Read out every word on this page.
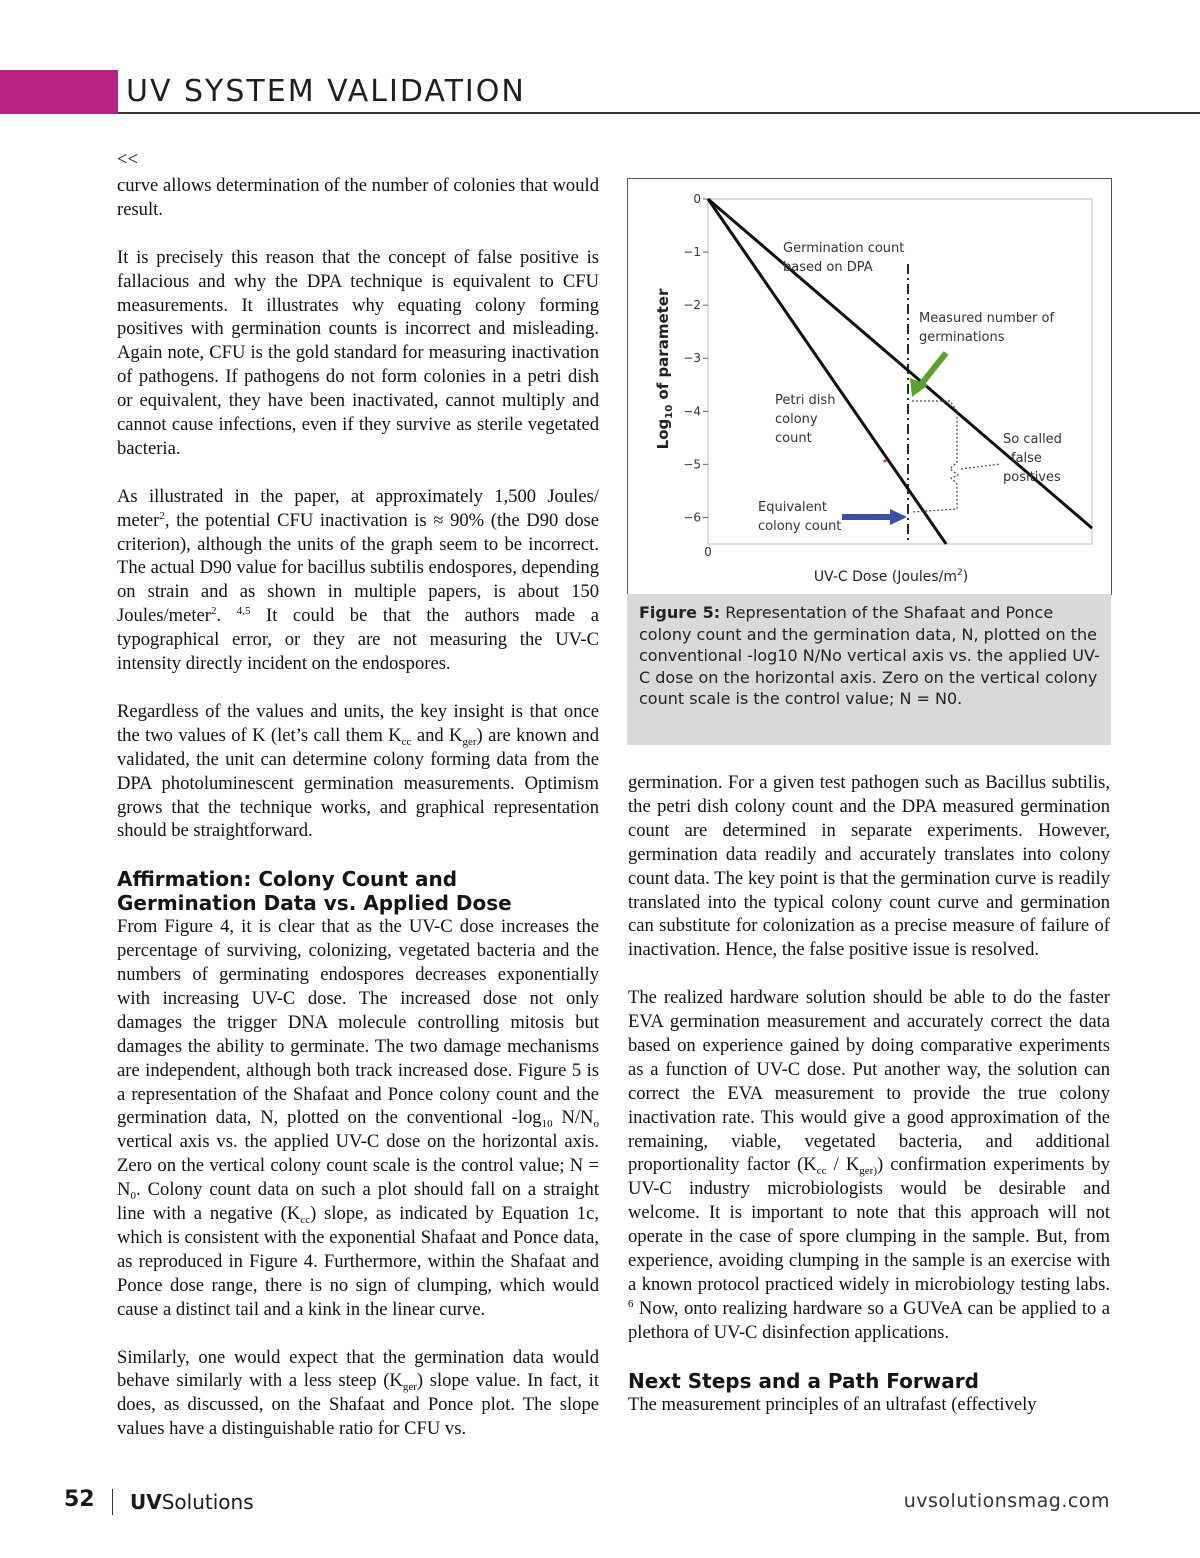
UV SYSTEM VALIDATION
<<

curve allows determination of the number of colonies that would result.

It is precisely this reason that the concept of false positive is fallacious and why the DPA technique is equivalent to CFU measurements. It illustrates why equating colony forming positives with germination counts is incorrect and misleading. Again note, CFU is the gold standard for measuring inactivation of pathogens. If pathogens do not form colonies in a petri dish or equivalent, they have been inactivated, cannot multiply and cannot cause infections, even if they survive as sterile vegetated bacteria.

As illustrated in the paper, at approximately 1,500 Joules/ meter$^2$, the potential CFU inactivation is ≈ 90% (the D90 dose criterion), although the units of the graph seem to be incorrect. The actual D90 value for bacillus subtilis endospores, depending on strain and as shown in multiple papers, is about 150 Joules/meter$^2$. $^{4,5}$ It could be that the authors made a typographical error, or they are not measuring the UV-C intensity directly incident on the endospores.

Regardless of the values and units, the key insight is that once the two values of K (let’s call them $K_{cc}$ and $K_{ger}$) are known and validated, the unit can determine colony forming data from the DPA photoluminescent germination measurements. Optimism grows that the technique works, and graphical representation should be straightforward.

Affirmation: Colony Count and Germination Data vs. Applied Dose

From Figure 4, it is clear that as the UV-C dose increases the percentage of surviving, colonizing, vegetated bacteria and the numbers of germinating endospores decreases exponentially with increasing UV-C dose. The increased dose not only damages the trigger DNA molecule controlling mitosis but damages the ability to germinate. The two damage mechanisms are independent, although both track increased dose. Figure 5 is a representation of the Shafaat and Ponce colony count and the germination data, N, plotted on the conventional $-\log_{10}$ $N/N_o$ vertical axis vs. the applied UV-C dose on the horizontal axis. Zero on the vertical colony count scale is the control value; $N = N_0$. Colony count data on such a plot should fall on a straight line with a negative $(K_{cc})$ slope, as indicated by Equation 1c, which is consistent with the exponential Shafaat and Ponce data, as reproduced in Figure 4. Furthermore, within the Shafaat and Ponce dose range, there is no sign of clumping, which would cause a distinct tail and a kink in the linear curve.

Similarly, one would expect that the germination data would behave similarly with a less steep $(K_{ger})$ slope value. In fact, it does, as discussed, on the Shafaat and Ponce plot. The slope values have a distinguishable ratio for CFU vs.

0
−1
−2
−3
−4
−5
−6
0
Log$_{10}$ of parameter
UV-C Dose $(Joules/m^2)$
Germination count based on DPA
Measured number of germinations
Petri dish colony count
Equivalent colony count
So called false positives
Figure 5: Representation of the Shafaat and Ponce colony count and the germination data, N, plotted on the conventional -log10 N/No vertical axis vs. the applied UV-C dose on the horizontal axis. Zero on the vertical colony count scale is the control value; N = N0.

germination. For a given test pathogen such as Bacillus subtilis, the petri dish colony count and the DPA measured germination count are determined in separate experiments. However, germination data readily and accurately translates into colony count data. The key point is that the germination curve is readily translated into the typical colony count curve and germination can substitute for colonization as a precise measure of failure of inactivation. Hence, the false positive issue is resolved.

The realized hardware solution should be able to do the faster EVA germination measurement and accurately correct the data based on experience gained by doing comparative experiments as a function of UV-C dose. Put another way, the solution can correct the EVA measurement to provide the true colony inactivation rate. This would give a good approximation of the remaining, viable, vegetated bacteria, and additional proportionality factor $(K_{cc} / K_{ger)})$ confirmation experiments by UV-C industry microbiologists would be desirable and welcome. It is important to note that this approach will not operate in the case of spore clumping in the sample. But, from experience, avoiding clumping in the sample is an exercise with a known protocol practiced widely in microbiology testing labs. $^6$ Now, onto realizing hardware so a GUVeA can be applied to a plethora of UV-C disinfection applications.

Next Steps and a Path Forward

The measurement principles of an ultrafast (effectively

52 UVSolutions	uvsolutionsmag.com
